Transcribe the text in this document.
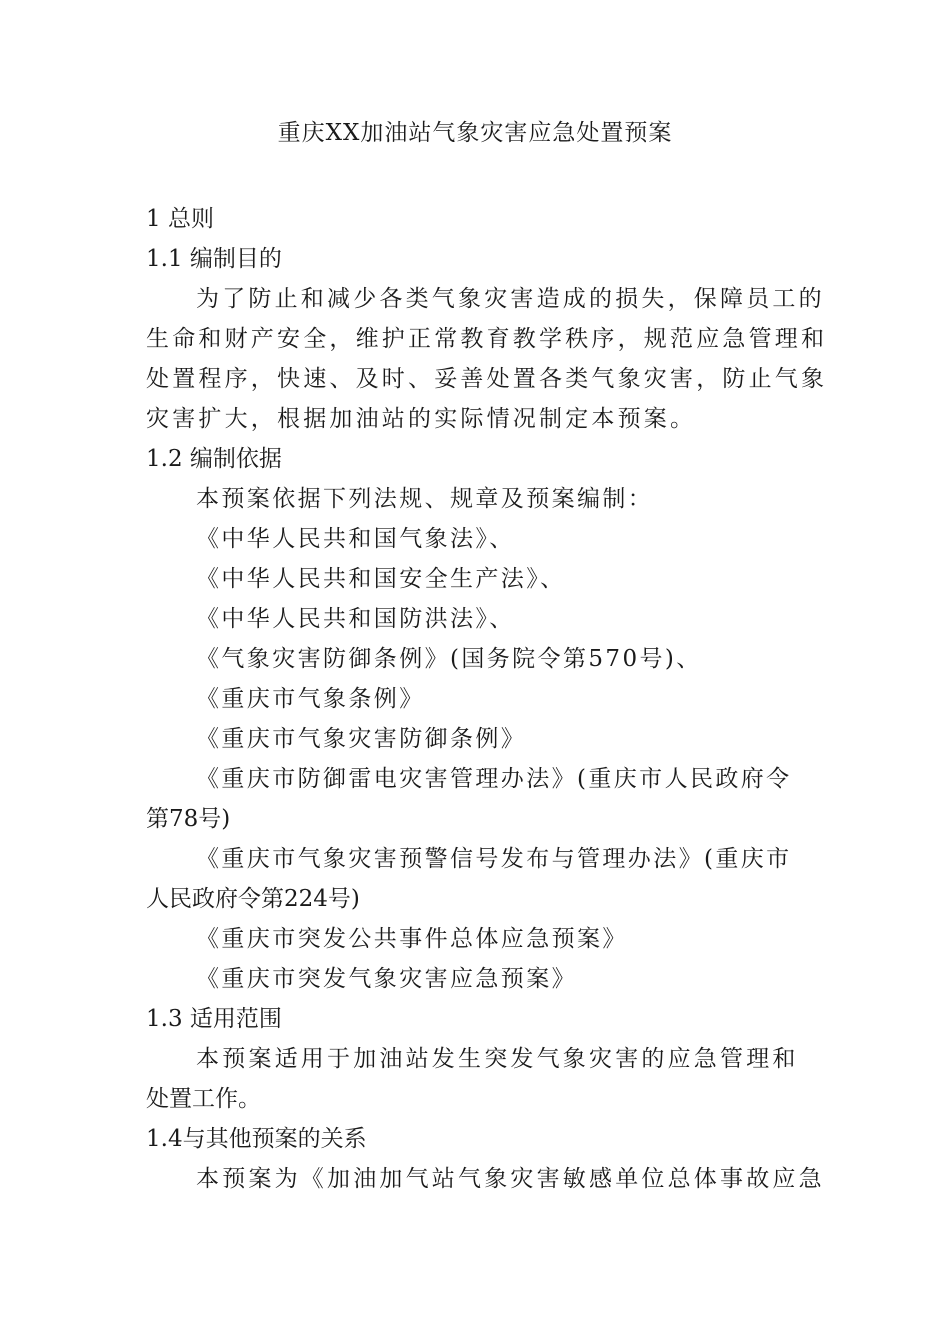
重庆XX加油站气象灾害应急处置预案
1 总则
1.1 编制目的
为了防止和减少各类气象灾害造成的损失，保障员工的
生命和财产安全，维护正常教育教学秩序，规范应急管理和
处置程序，快速、及时、妥善处置各类气象灾害，防止气象
灾害扩大，根据加油站的实际情况制定本预案。
1.2 编制依据
本预案依据下列法规、规章及预案编制：
《中华人民共和国气象法》、
《中华人民共和国安全生产法》、
《中华人民共和国防洪法》、
《气象灾害防御条例》(国务院令第570号)、
《重庆市气象条例》
《重庆市气象灾害防御条例》
《重庆市防御雷电灾害管理办法》(重庆市人民政府令
第78号)
《重庆市气象灾害预警信号发布与管理办法》(重庆市
人民政府令第224号)
《重庆市突发公共事件总体应急预案》
《重庆市突发气象灾害应急预案》
1.3 适用范围
本预案适用于加油站发生突发气象灾害的应急管理和
处置工作。
1.4与其他预案的关系
本预案为《加油加气站气象灾害敏感单位总体事故应急
